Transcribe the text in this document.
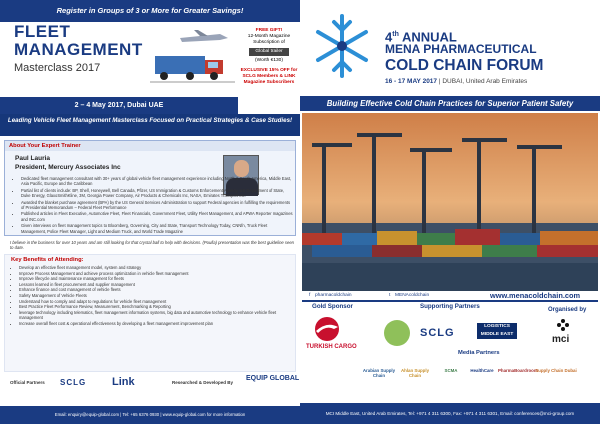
Register in Groups of 3 or More for Greater Savings!
FLEET
MANAGEMENT
Masterclass 2017
FREE GIFT!
12-Month Magazine Subscription of
Global trailer
(Worth €130)
EXCLUSIVE 15% OFF for SCLG Members & LINK Magazine Subscribers
2 – 4 May 2017, Dubai UAE
Leading Vehicle Fleet Management Masterclass Focused on Practical Strategies & Case Studies!
About Your Expert Trainer
Paul Lauria
President, Mercury Associates Inc
• Dedicated fleet management consultant with 30+ years of global vehicle fleet management experience including North & South America, Middle East, Asia Pacific, Europe and the Caribbean
• Partial list of clients include: BP, Shell, Honeywell, Bell Canada, Pfizer, US Immigration & Customs Enforcement Agency, US Department of State, Duke Energy, GlaxoSmithKline, 3M, Georgia Power Company, Air Products & Chemicals Inc, NASA, Emirates Transport etc.
• Awarded the blanket purchase agreement (BPA) by the US General Services Administration to support Federal agencies in fulfilling the requirements of Presidential Memorandum – Federal Fleet Performance
• Published articles in Fleet Executive, Automotive Fleet, Fleet Financials, Government Fleet, Utility Fleet Management, and APWA Reporter magazines and INC.com
• Given interviews on fleet management topics to Bloomberg, Governing, City and State, Transport Technology Today, CNNfn, Truck Fleet Management, Police Fleet Manager, Light and Medium Truck, and World Trade Magazine
I believe in the business for over 10 years and am still looking for that crystal ball to help with decisions. (Poulla) presentation was the best guideline seen to date.
Key Benefits of Attending:
• Develop an effective fleet management model, system and strategy
• Improve Process Management and achieve process optimization in vehicle fleet management
• Improve lifecycle and maintenance management for fleets
• Lessons learned in fleet procurement and supplier management
• Enhance finance and cost management of vehicle fleets
• Safety Management of Vehicle Fleets
• Understand how to comply and adapt to regulations for vehicle fleet management
• Best Practice Fleet Performance Review, Measurement, Benchmarking & Reporting
• leverage technology including telematics, fleet management information systems, big data and automotive technology to enhance vehicle fleet management
• Increase overall fleet cost & operational effectiveness by developing a fleet management improvement plan
Official Partners SCLG Link	Researched & Developed By
EQUIP GLOBAL
Email: enquiry@equip-global.com | Tel: +65 6376 0930 | www.equip-global.com for more information
4th ANNUAL
MENA PHARMACEUTICAL
COLD CHAIN FORUM
16 - 17 MAY 2017 | DUBAI, United Arab Emirates
Building Effective Cold Chain Practices for Superior Patient Safety
f pharmacoldchain	t MENAcoldchain	www.menacoldchain.com
Gold Sponsor	Supporting Partners	Organised by
TURKISH CARGO
SCLG
LOGISTICS MIDDLE EAST	mci
Media Partners
Arabian Supply Chain
Ahlan Supply Chain
SCMA	HealthCare	PharmaBoardroom
Supply Chain Dubai
MCI Middle East, United Arab Emirates, Tel: +971 4 311 6300, Fax: +971 4 311 6301, Email: conferences@mci-group.com
